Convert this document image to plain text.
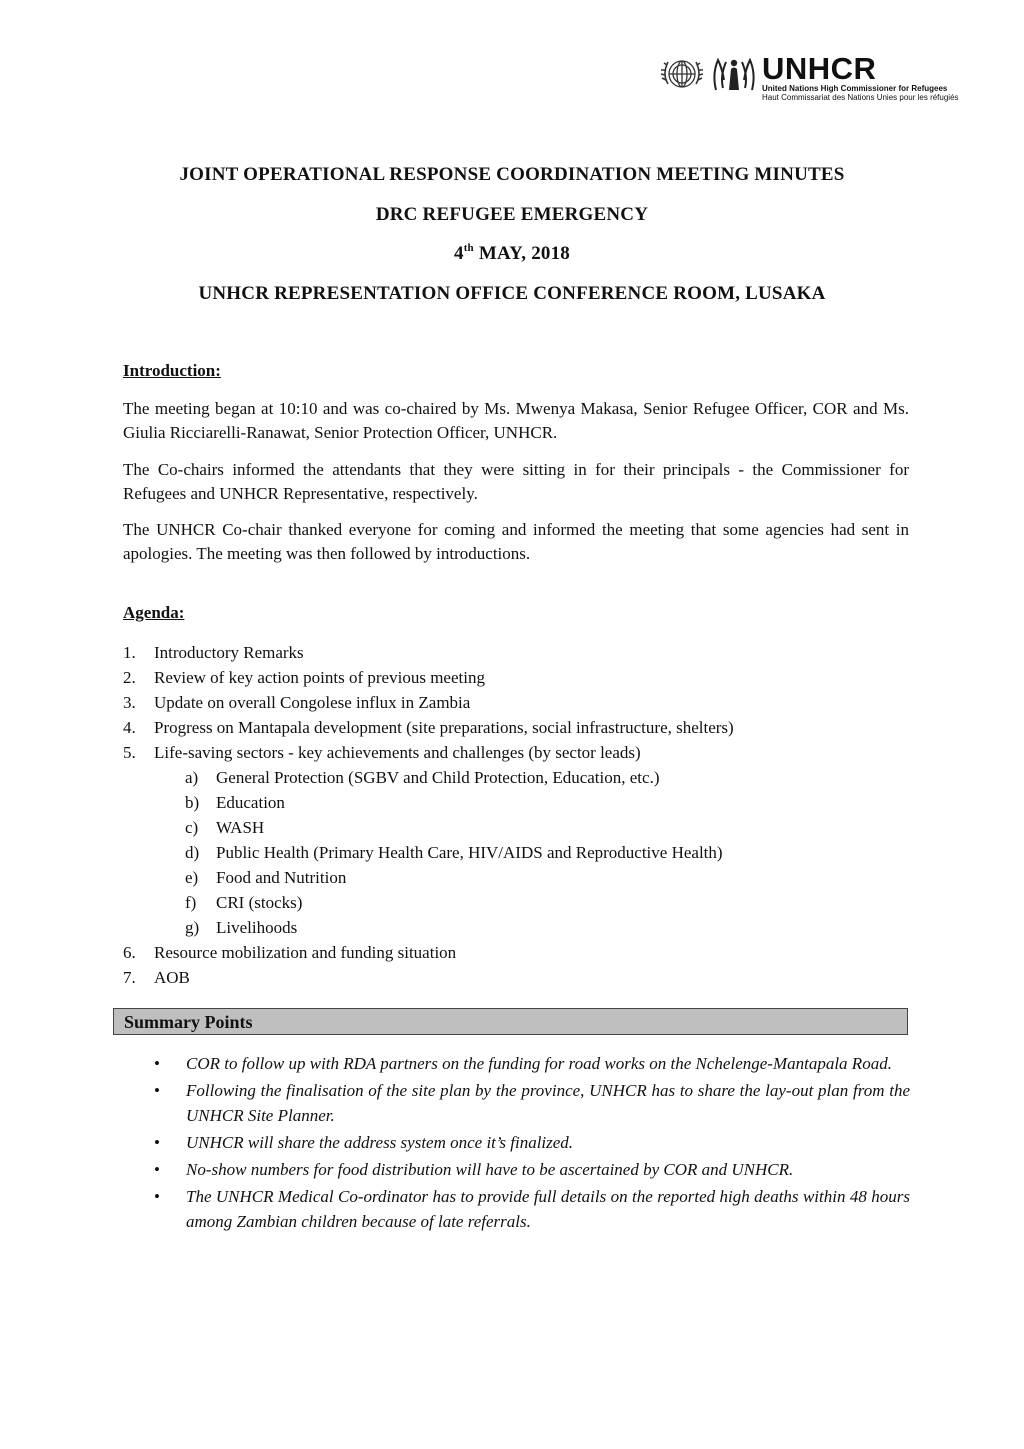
UNHCR
United Nations High Commissioner for Refugees
Haut Commissariat des Nations Unies pour les réfugiés

JOINT OPERATIONAL RESPONSE COORDINATION MEETING MINUTES

DRC REFUGEE EMERGENCY

4th MAY, 2018

UNHCR REPRESENTATION OFFICE CONFERENCE ROOM, LUSAKA

Introduction:

The meeting began at 10:10 and was co-chaired by Ms. Mwenya Makasa, Senior Refugee Officer, COR and Ms. Giulia Ricciarelli-Ranawat, Senior Protection Officer, UNHCR.

The Co-chairs informed the attendants that they were sitting in for their principals - the Commissioner for Refugees and UNHCR Representative, respectively.

The UNHCR Co-chair thanked everyone for coming and informed the meeting that some agencies had sent in apologies. The meeting was then followed by introductions.

Agenda:

1.	Introductory Remarks
2.	Review of key action points of previous meeting
3.	Update on overall Congolese influx in Zambia
4.	Progress on Mantapala development (site preparations, social infrastructure, shelters)
5.	Life-saving sectors - key achievements and challenges (by sector leads)
a)	General Protection (SGBV and Child Protection, Education, etc.)
b) Education
c)	WASH
d) Public Health (Primary Health Care, HIV/AIDS and Reproductive Health)
e)	Food and Nutrition
f)	CRI (stocks)
g) Livelihoods
6.	Resource mobilization and funding situation
7.	AOB
Summary Points
• COR to follow up with RDA partners on the funding for road works on the Nchelenge-Mantapala Road.
• Following the finalisation of the site plan by the province, UNHCR has to share the lay-out plan from the UNHCR Site Planner.
• UNHCR will share the address system once it’s finalized.
• No-show numbers for food distribution will have to be ascertained by COR and UNHCR.
• The UNHCR Medical Co-ordinator has to provide full details on the reported high deaths within 48 hours among Zambian children because of late referrals.
